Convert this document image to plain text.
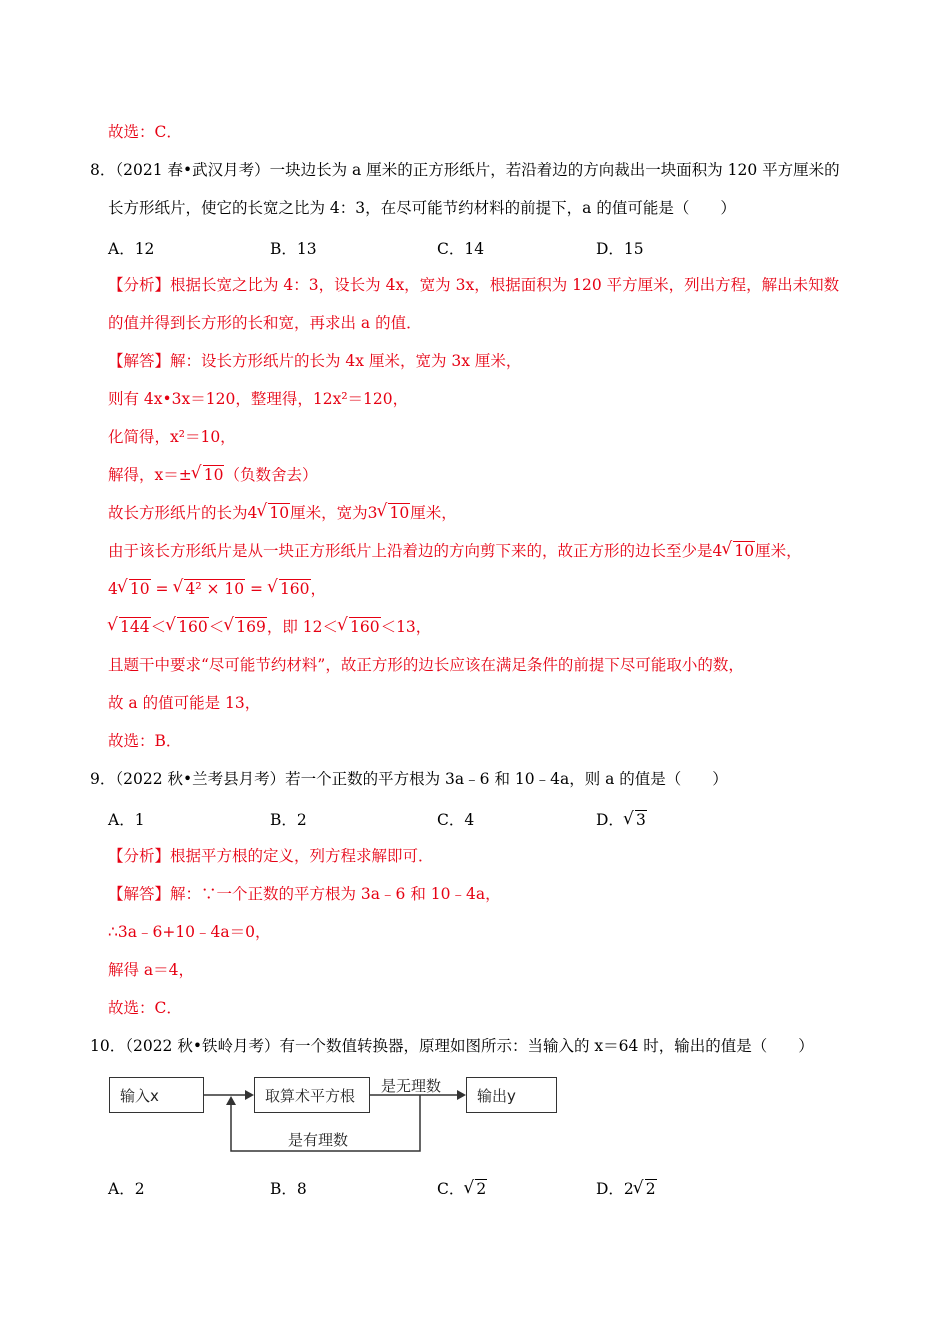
故选：C．
8．（2021 春•武汉月考）一块边长为 a 厘米的正方形纸片，若沿着边的方向裁出一块面积为 120 平方厘米的
长方形纸片，使它的长宽之比为 4：3，在尽可能节约材料的前提下，a 的值可能是（　　）
A．12	B．13	C．14	D．15
【分析】根据长宽之比为 4：3，设长为 4x，宽为 3x，根据面积为 120 平方厘米，列出方程，解出未知数
的值并得到长方形的长和宽，再求出 a 的值．
【解答】解：设长方形纸片的长为 4x 厘米，宽为 3x 厘米，
则有 4x•3x＝120，整理得，12x²＝120，
化简得，x²＝10，
解得，x＝± √ 10（负数舍去）
故长方形纸片的长为4 √ 10厘米，宽为3 √ 10厘米，
由于该长方形纸片是从一块正方形纸片上沿着边的方向剪下来的，故正方形的边长至少是4 √ 10厘米，
4 √ 10 = √ 4² × 10 = √ 160，
√ 144＜ √ 160＜ √ 169，即 12＜ √ 160＜13，
且题干中要求“尽可能节约材料”，故正方形的边长应该在满足条件的前提下尽可能取小的数，
故 a 的值可能是 13，
故选：B．
9．（2022 秋•兰考县月考）若一个正数的平方根为 3a﹣6 和 10﹣4a，则 a 的值是（　　）
A．1	B．2	C．4	D． √ 3
【分析】根据平方根的定义，列方程求解即可．
【解答】解：∵一个正数的平方根为 3a﹣6 和 10﹣4a，
∴3a﹣6+10﹣4a＝0，
解得 a＝4，
故选：C．
10．（2022 秋•铁岭月考）有一个数值转换器，原理如图所示：当输入的 x＝64 时，输出的值是（　　）
输入x	取算术平方根	输出y
是无理数
是有理数
A．2	B．8	C． √ 2	D．2 √ 2
